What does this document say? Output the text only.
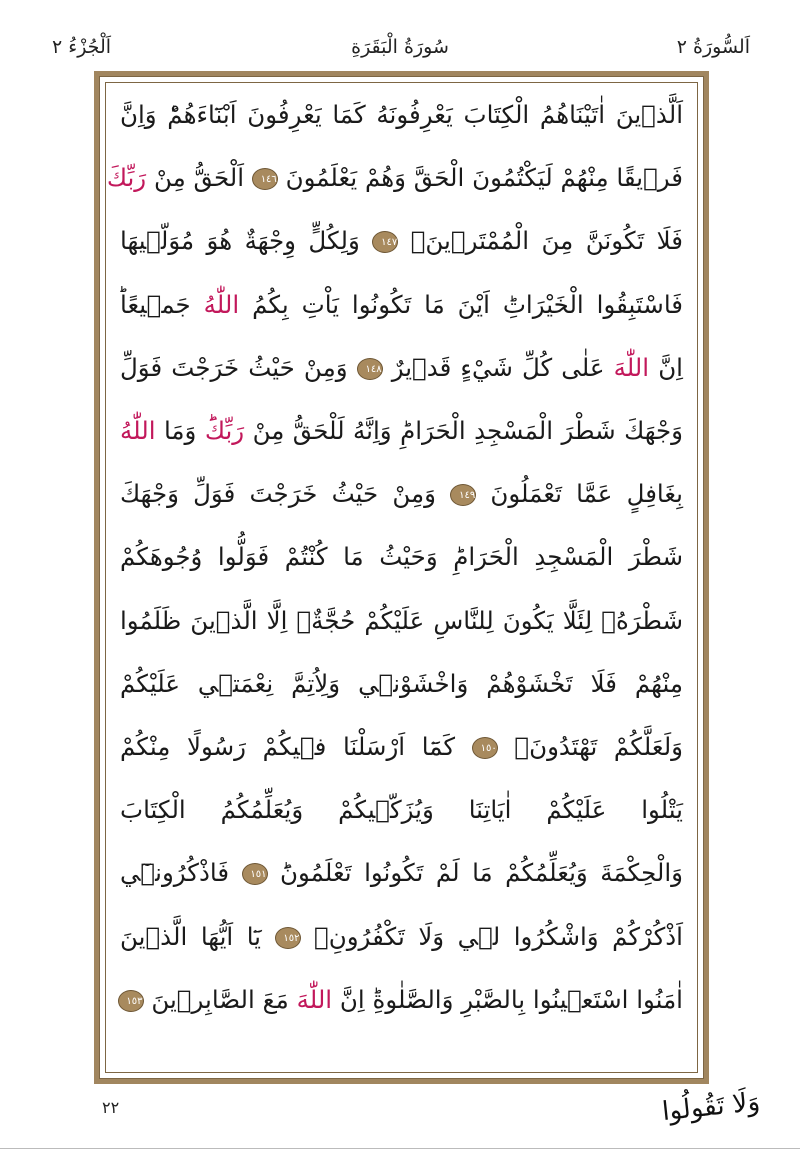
اَلْجُزْءُ ٢	سُورَةُ الْبَقَرَةِ	اَلسُّورَةُ ٢
اَلَّذٖينَ اٰتَيْنَاهُمُ الْكِتَابَ يَعْرِفُونَهُ كَمَا يَعْرِفُونَ اَبْنَٓاءَهُمْؕ وَاِنَّ
فَرٖيقًا مِنْهُمْ لَيَكْتُمُونَ الْحَقَّ وَهُمْ يَعْلَمُونَ ١٤٦ اَلْحَقُّ مِنْ رَبِّكَ
فَلَا تَكُونَنَّ مِنَ الْمُمْتَرٖينَ۟ ١٤٧ وَلِكُلٍّ وِجْهَةٌ هُوَ مُوَلّٖيهَا
فَاسْتَبِقُوا الْخَيْرَاتِؕ اَيْنَ مَا تَكُونُوا يَاْتِ بِكُمُ اللّٰهُ جَمٖيعًاؕ
اِنَّ اللّٰهَ عَلٰى كُلِّ شَيْءٍ قَدٖيرٌ ١٤٨ وَمِنْ حَيْثُ خَرَجْتَ فَوَلِّ
وَجْهَكَ شَطْرَ الْمَسْجِدِ الْحَرَامِؕ وَاِنَّهُ لَلْحَقُّ مِنْ رَبِّكَؕ وَمَا اللّٰهُ
بِغَافِلٍ عَمَّا تَعْمَلُونَ ١٤٩ وَمِنْ حَيْثُ خَرَجْتَ فَوَلِّ وَجْهَكَ
شَطْرَ الْمَسْجِدِ الْحَرَامِؕ وَحَيْثُ مَا كُنْتُمْ فَوَلُّوا وُجُوهَكُمْ
شَطْرَهُۙ لِئَلَّا يَكُونَ لِلنَّاسِ عَلَيْكُمْ حُجَّةٌۗ اِلَّا الَّذٖينَ ظَلَمُوا
مِنْهُمْ فَلَا تَخْشَوْهُمْ وَاخْشَوْنٖي وَلِاُتِمَّ نِعْمَتٖي عَلَيْكُمْ
وَلَعَلَّكُمْ تَهْتَدُونَۙ ١٥٠ كَمَٓا اَرْسَلْنَا فٖيكُمْ رَسُولًا مِنْكُمْ
يَتْلُوا عَلَيْكُمْ اٰيَاتِنَا وَيُزَكّٖيكُمْ وَيُعَلِّمُكُمُ الْكِتَابَ
وَالْحِكْمَةَ وَيُعَلِّمُكُمْ مَا لَمْ تَكُونُوا تَعْلَمُونَؕ ١٥١ فَاذْكُرُونٖٓي
اَذْكُرْكُمْ وَاشْكُرُوا لٖي وَلَا تَكْفُرُونِ۟ ١٥٢ يَٓا اَيُّهَا الَّذٖينَ
اٰمَنُوا اسْتَعٖينُوا بِالصَّبْرِ وَالصَّلٰوةِؕ اِنَّ اللّٰهَ مَعَ الصَّابِرٖينَ ١٥٣
٢٢	وَلَا تَقُولُوا
